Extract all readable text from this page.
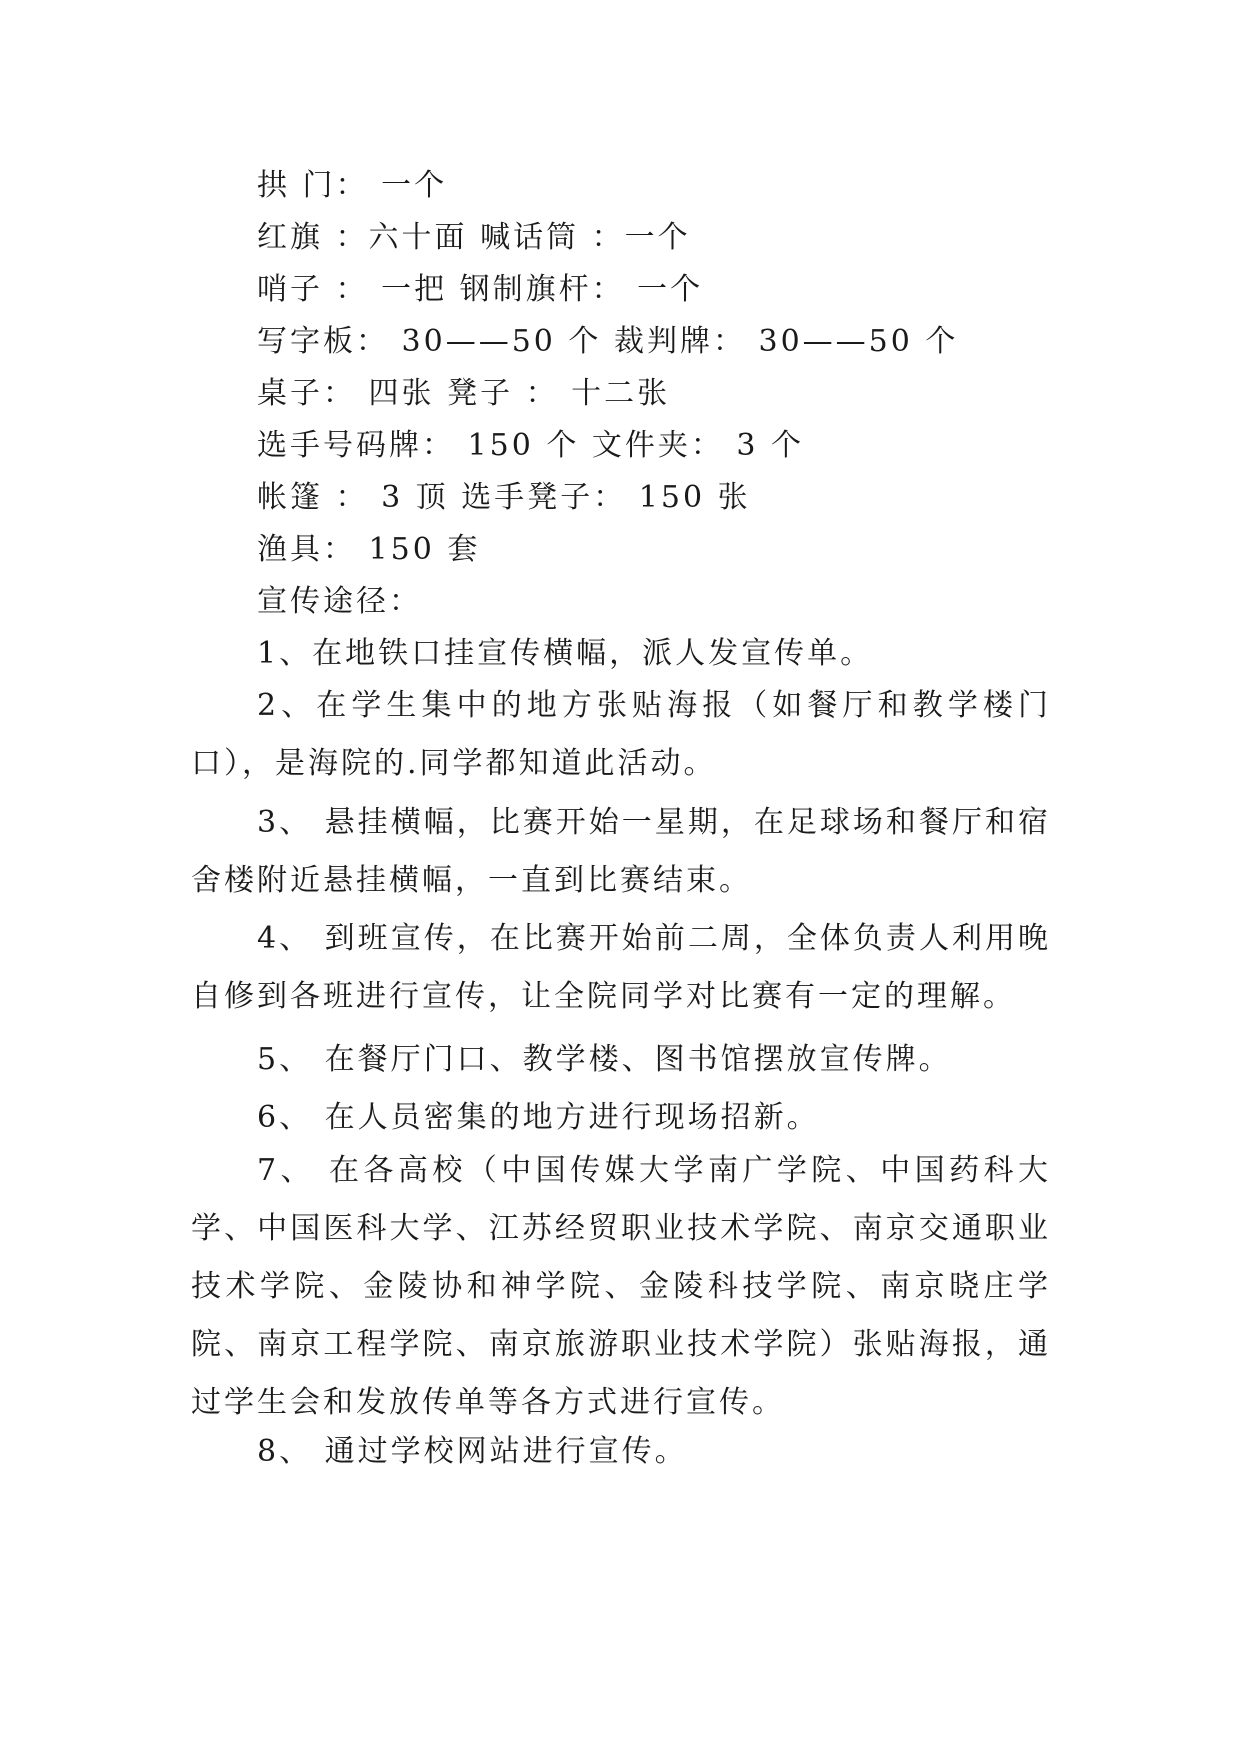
拱 门： 一个
红旗 ：六十面 喊话筒 ：一个
哨子 ： 一把 钢制旗杆： 一个
写字板： 30——50 个 裁判牌： 30——50 个
桌子： 四张 凳子 ： 十二张
选手号码牌： 150 个 文件夹： 3 个
帐篷 ： 3 顶 选手凳子： 150 张
渔具： 150 套
宣传途径：
1、在地铁口挂宣传横幅，派人发宣传单。
2、在学生集中的地方张贴海报（如餐厅和教学楼门口），是海院的.同学都知道此活动。
3、 悬挂横幅，比赛开始一星期，在足球场和餐厅和宿舍楼附近悬挂横幅，一直到比赛结束。
4、 到班宣传，在比赛开始前二周，全体负责人利用晚自修到各班进行宣传，让全院同学对比赛有一定的理解。
5、 在餐厅门口、教学楼、图书馆摆放宣传牌。
6、 在人员密集的地方进行现场招新。
7、 在各高校（中国传媒大学南广学院、中国药科大学、中国医科大学、江苏经贸职业技术学院、南京交通职业技术学院、金陵协和神学院、金陵科技学院、南京晓庄学院、南京工程学院、南京旅游职业技术学院）张贴海报，通过学生会和发放传单等各方式进行宣传。
8、 通过学校网站进行宣传。
